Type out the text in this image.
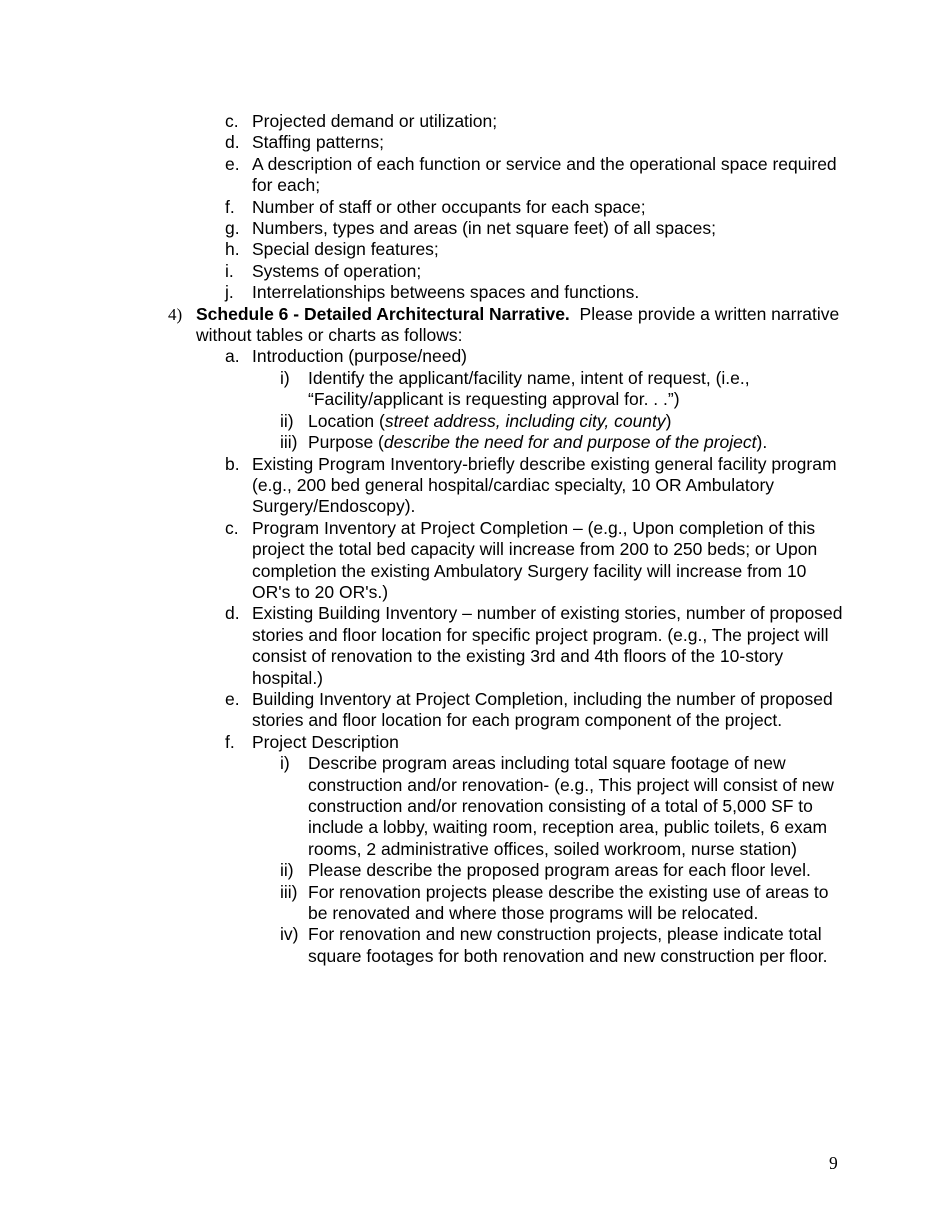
c. Projected demand or utilization;
d. Staffing patterns;
e. A description of each function or service and the operational space required for each;
f. Number of staff or other occupants for each space;
g. Numbers, types and areas (in net square feet) of all spaces;
h. Special design features;
i. Systems of operation;
j. Interrelationships betweens spaces and functions.
4) Schedule 6 - Detailed Architectural Narrative. Please provide a written narrative without tables or charts as follows:
a. Introduction (purpose/need)
i) Identify the applicant/facility name, intent of request, (i.e., “Facility/applicant is requesting approval for. . .”)
ii) Location (street address, including city, county)
iii) Purpose (describe the need for and purpose of the project).
b. Existing Program Inventory-briefly describe existing general facility program (e.g., 200 bed general hospital/cardiac specialty, 10 OR Ambulatory Surgery/Endoscopy).
c. Program Inventory at Project Completion – (e.g., Upon completion of this project the total bed capacity will increase from 200 to 250 beds; or Upon completion the existing Ambulatory Surgery facility will increase from 10 OR's to 20 OR's.)
d. Existing Building Inventory – number of existing stories, number of proposed stories and floor location for specific project program. (e.g., The project will consist of renovation to the existing 3rd and 4th floors of the 10-story hospital.)
e. Building Inventory at Project Completion, including the number of proposed stories and floor location for each program component of the project.
f. Project Description
i) Describe program areas including total square footage of new construction and/or renovation- (e.g., This project will consist of new construction and/or renovation consisting of a total of 5,000 SF to include a lobby, waiting room, reception area, public toilets, 6 exam rooms, 2 administrative offices, soiled workroom, nurse station)
ii) Please describe the proposed program areas for each floor level.
iii) For renovation projects please describe the existing use of areas to be renovated and where those programs will be relocated.
iv) For renovation and new construction projects, please indicate total square footages for both renovation and new construction per floor.
9
